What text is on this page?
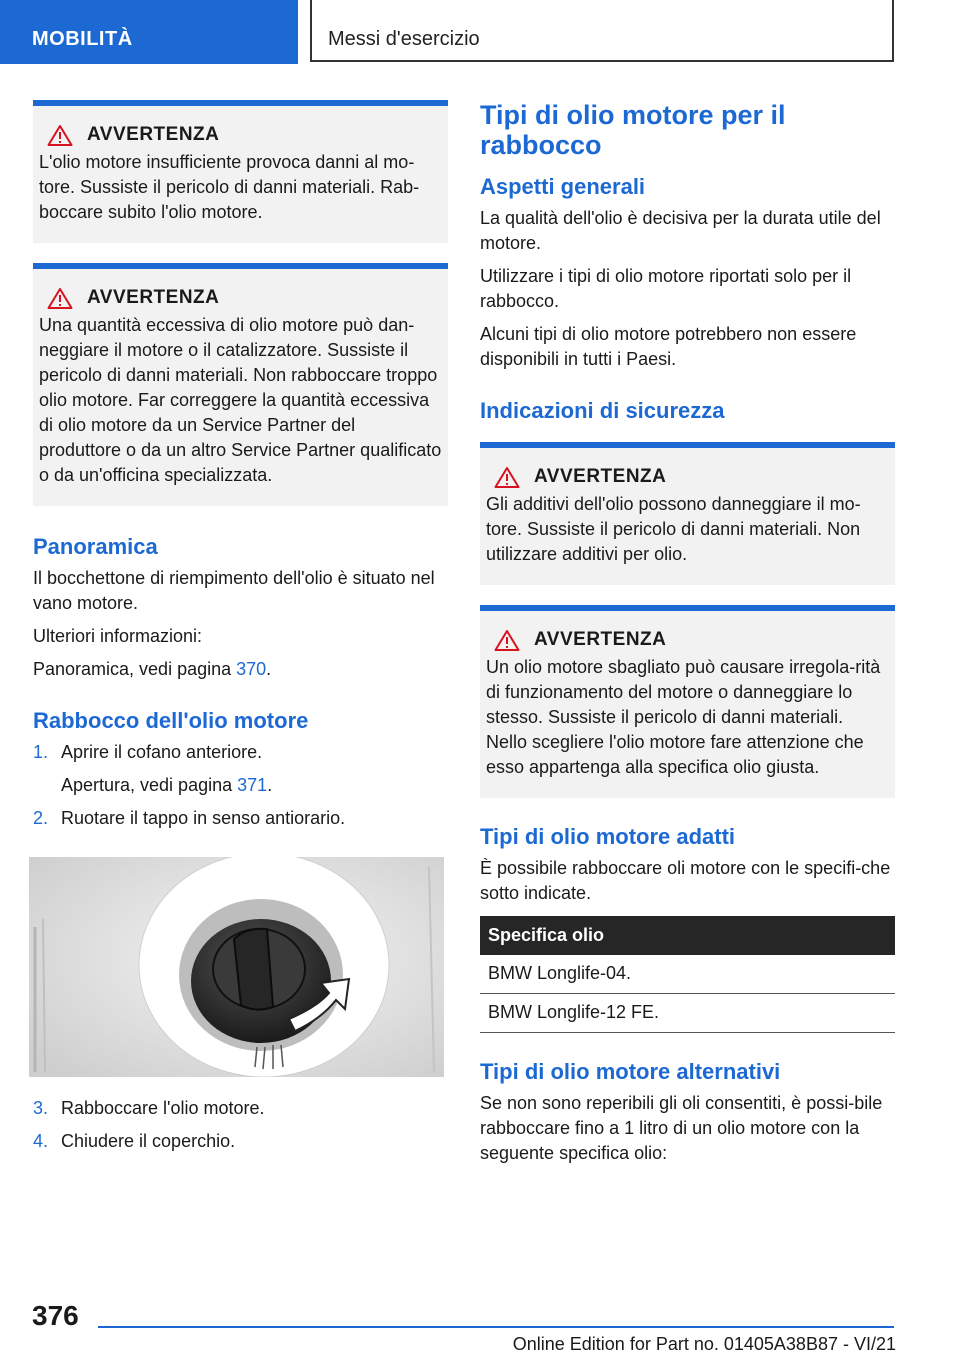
MOBILITÀ	Messi d'esercizio
AVVERTENZA

L'olio motore insufficiente provoca danni al mo-tore. Sussiste il pericolo di danni materiali. Rab-boccare subito l'olio motore.

AVVERTENZA

Una quantità eccessiva di olio motore può dan-neggiare il motore o il catalizzatore. Sussiste il pericolo di danni materiali. Non rabboccare troppo olio motore. Far correggere la quantità eccessiva di olio motore da un Service Partner del produttore o da un altro Service Partner qualificato o da un'officina specializzata.

Panoramica

Il bocchettone di riempimento dell'olio è situato nel vano motore.

Ulteriori informazioni:

Panoramica, vedi pagina 370.

Rabbocco dell'olio motore
1. Aprire il cofano anteriore.
Apertura, vedi pagina 371.
2. Ruotare il tappo in senso antiorario.
3. Rabboccare l'olio motore.
4. Chiudere il coperchio.
Tipi di olio motore per il rabbocco
Aspetti generali

La qualità dell'olio è decisiva per la durata utile del motore.

Utilizzare i tipi di olio motore riportati solo per il rabbocco.

Alcuni tipi di olio motore potrebbero non essere disponibili in tutti i Paesi.

Indicazioni di sicurezza
AVVERTENZA

Gli additivi dell'olio possono danneggiare il mo-tore. Sussiste il pericolo di danni materiali. Non utilizzare additivi per olio.

AVVERTENZA

Un olio motore sbagliato può causare irregola-rità di funzionamento del motore o danneggiare lo stesso. Sussiste il pericolo di danni materiali. Nello scegliere l'olio motore fare attenzione che esso appartenga alla specifica olio giusta.

Tipi di olio motore adatti

È possibile rabboccare oli motore con le specifi-che sotto indicate.

Specifica olio
BMW Longlife-04.
BMW Longlife-12 FE.
Tipi di olio motore alternativi

Se non sono reperibili gli oli consentiti, è possi-bile rabboccare fino a 1 litro di un olio motore con la seguente specifica olio:

376
Online Edition for Part no. 01405A38B87 - VI/21
